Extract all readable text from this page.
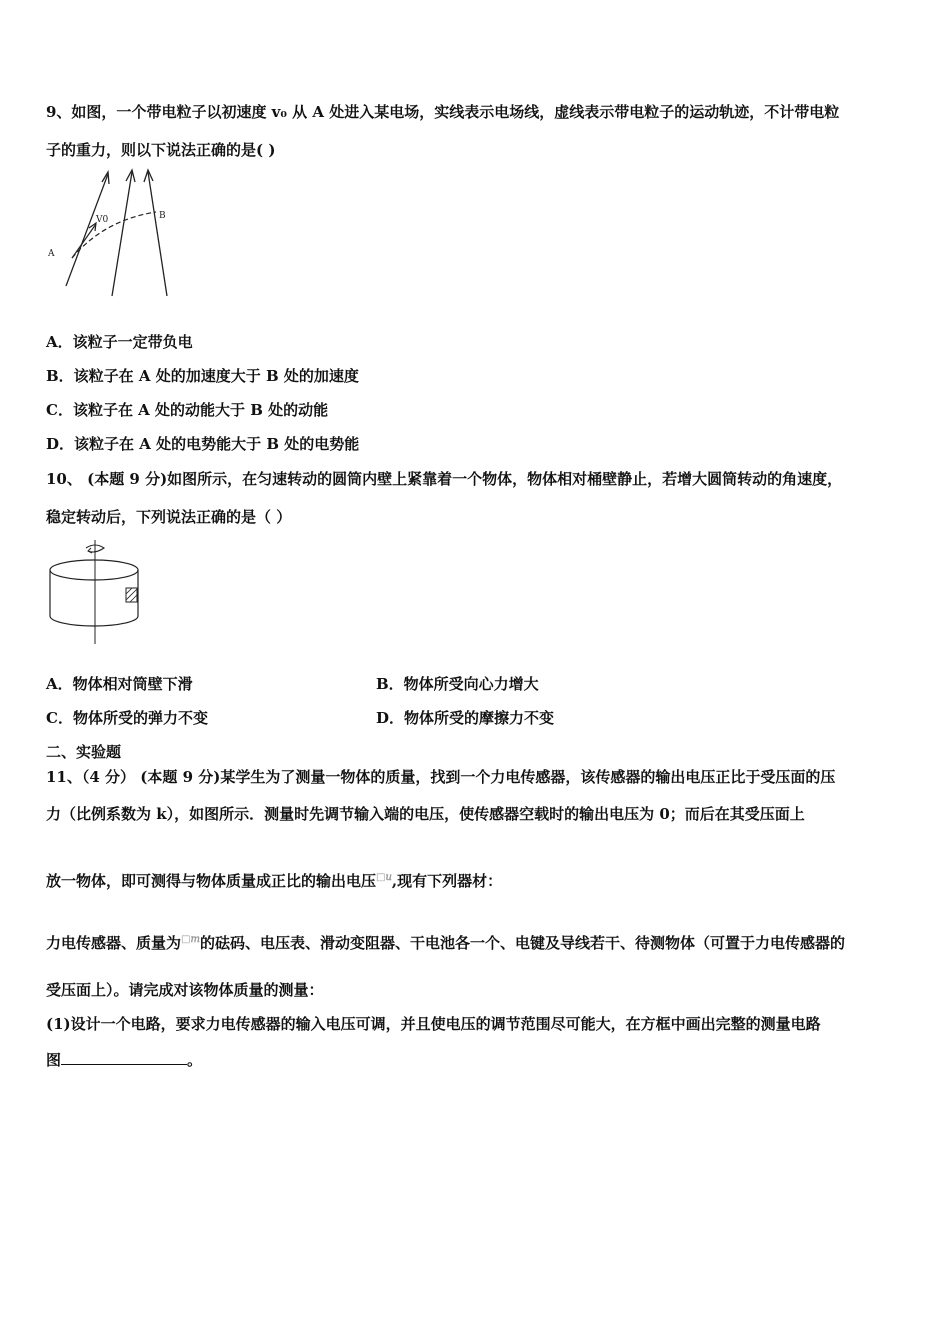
9、如图，一个带电粒子以初速度 v₀ 从 A 处进入某电场，实线表示电场线，虚线表示带电粒子的运动轨迹，不计带电粒
子的重力，则以下说法正确的是( )
A
V0	B
A．该粒子一定带负电
B．该粒子在 A 处的加速度大于 B 处的加速度
C．该粒子在 A 处的动能大于 B 处的动能
D．该粒子在 A 处的电势能大于 B 处的电势能
10、 (本题 9 分)如图所示，在匀速转动的圆筒内壁上紧靠着一个物体，物体相对桶壁静止，若增大圆筒转动的角速度，
稳定转动后，下列说法正确的是（ ）
A．物体相对筒壁下滑	B．物体所受向心力增大
C．物体所受的弹力不变	D．物体所受的摩擦力不变
二、实验题
11、（4 分） (本题 9 分)某学生为了测量一物体的质量，找到一个力电传感器，该传感器的输出电压正比于受压面的压
力（比例系数为 k），如图所示．测量时先调节输入端的电压，使传感器空载时的输出电压为 0；而后在其受压面上
放一物体，即可测得与物体质量成正比的输出电压□𝑢,现有下列器材：
力电传感器、质量为□𝑚的砝码、电压表、滑动变阻器、干电池各一个、电键及导线若干、待测物体（可置于力电传感器的
受压面上）。请完成对该物体质量的测量：
(1)设计一个电路，要求力电传感器的输入电压可调，并且使电压的调节范围尽可能大，在方框中画出完整的测量电路
图	。
